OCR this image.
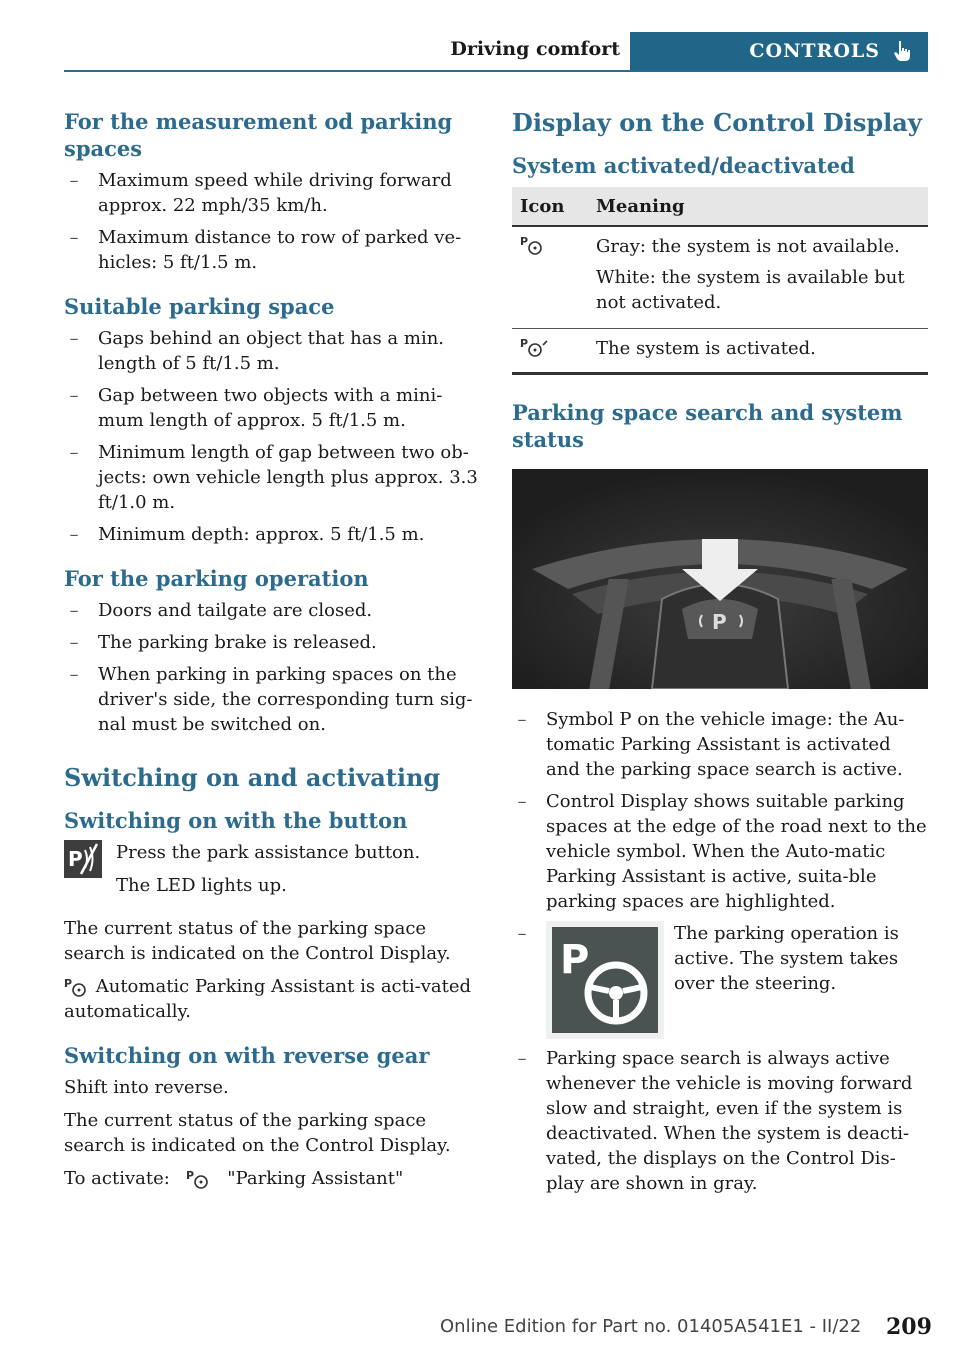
Driving comfort	CONTROLS
For the measurement od parking spaces
–	Maximum speed while driving forward approx. 22 mph/35 km/h.
–	Maximum distance to row of parked ve-hicles: 5 ft/1.5 m.
Suitable parking space
–	Gaps behind an object that has a min. length of 5 ft/1.5 m.
–	Gap between two objects with a mini-mum length of approx. 5 ft/1.5 m.
–	Minimum length of gap between two ob-jects: own vehicle length plus approx. 3.3 ft/1.0 m.
–	Minimum depth: approx. 5 ft/1.5 m.
For the parking operation
–	Doors and tailgate are closed.
–	The parking brake is released.
–	When parking in parking spaces on the driver's side, the corresponding turn sig-nal must be switched on.
Switching on and activating
Switching on with the button
P Press the park assistance button.

The LED lights up.

The current status of the parking space search is indicated on the Control Display.

P Automatic Parking Assistant is acti-vated automatically.

Switching on with reverse gear

Shift into reverse.

The current status of the parking space search is indicated on the Control Display.

To activate: P "Parking Assistant"

Display on the Control Display
System activated/deactivated
Icon	Meaning

P	Gray: the system is not available.

White: the system is available but not activated.

P	The system is activated.
Parking space search and system status
P
–	Symbol P on the vehicle image: the Au-tomatic Parking Assistant is activated and the parking space search is active.
–	Control Display shows suitable parking spaces at the edge of the road next to the vehicle symbol. When the Auto-matic Parking Assistant is active, suita-ble parking spaces are highlighted.
–
P
The parking operation is active. The system takes over the steering.
–	Parking space search is always active whenever the vehicle is moving forward slow and straight, even if the system is deactivated. When the system is deacti-vated, the displays on the Control Dis-play are shown in gray.
Online Edition for Part no. 01405A541E1 - II/22 209
